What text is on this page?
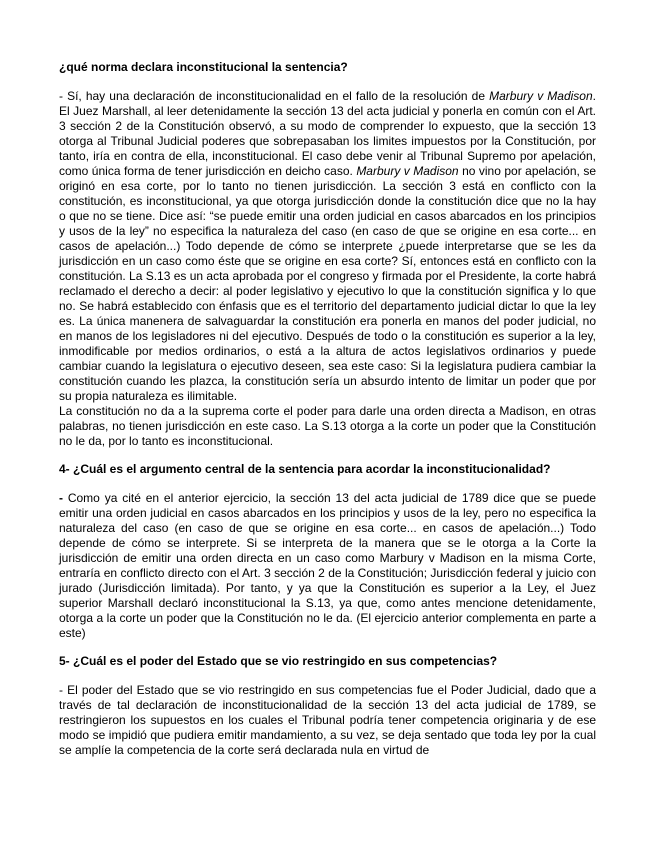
¿qué norma declara inconstitucional la sentencia?

- Sí, hay una declaración de inconstitucionalidad en el fallo de la resolución de Marbury v Madison. El Juez Marshall, al leer detenidamente la sección 13 del acta judicial y ponerla en común con el Art. 3 sección 2 de la Constitución observó, a su modo de comprender lo expuesto, que la sección 13 otorga al Tribunal Judicial poderes que sobrepasaban los limites impuestos por la Constitución, por tanto, iría en contra de ella, inconstitucional. El caso debe venir al Tribunal Supremo por apelación, como única forma de tener jurisdicción en deicho caso. Marbury v Madison no vino por apelación, se originó en esa corte, por lo tanto no tienen jurisdicción. La sección 3 está en conflicto con la constitución, es inconstitucional, ya que otorga jurisdicción donde la constitución dice que no la hay o que no se tiene. Dice así: “se puede emitir una orden judicial en casos abarcados en los principios y usos de la ley” no especifica la naturaleza del caso (en caso de que se origine en esa corte... en casos de apelación...) Todo depende de cómo se interprete ¿puede interpretarse que se les da jurisdicción en un caso como éste que se origine en esa corte? Sí, entonces está en conflicto con la constitución. La S.13 es un acta aprobada por el congreso y firmada por el Presidente, la corte habrá reclamado el derecho a decir: al poder legislativo y ejecutivo lo que la constitución significa y lo que no. Se habrá establecido con énfasis que es el territorio del departamento judicial dictar lo que la ley es. La única manenera de salvaguardar la constitución era ponerla en manos del poder judicial, no en manos de los legisladores ni del ejecutivo. Después de todo o la constitución es superior a la ley, inmodificable por medios ordinarios, o está a la altura de actos legislativos ordinarios y puede cambiar cuando la legislatura o ejecutivo deseen, sea este caso: Si la legislatura pudiera cambiar la constitución cuando les plazca, la constitución sería un absurdo intento de limitar un poder que por su propia naturaleza es ilimitable.

La constitución no da a la suprema corte el poder para darle una orden directa a Madison, en otras palabras, no tienen jurisdicción en este caso. La S.13 otorga a la corte un poder que la Constitución no le da, por lo tanto es inconstitucional.

4- ¿Cuál es el argumento central de la sentencia para acordar la inconstitucionalidad?

- Como ya cité en el anterior ejercicio, la sección 13 del acta judicial de 1789 dice que se puede emitir una orden judicial en casos abarcados en los principios y usos de la ley, pero no especifica la naturaleza del caso (en caso de que se origine en esa corte... en casos de apelación...) Todo depende de cómo se interprete. Si se interpreta de la manera que se le otorga a la Corte la jurisdicción de emitir una orden directa en un caso como Marbury v Madison en la misma Corte, entraría en conflicto directo con el Art. 3 sección 2 de la Constitución; Jurisdicción federal y juicio con jurado (Jurisdicción limitada). Por tanto, y ya que la Constitución es superior a la Ley, el Juez superior Marshall declaró inconstitucional la S.13, ya que, como antes mencione detenidamente, otorga a la corte un poder que la Constitución no le da. (El ejercicio anterior complementa en parte a este)

5- ¿Cuál es el poder del Estado que se vio restringido en sus competencias?

- El poder del Estado que se vio restringido en sus competencias fue el Poder Judicial, dado que a través de tal declaración de inconstitucionalidad de la sección 13 del acta judicial de 1789, se restringieron los supuestos en los cuales el Tribunal podría tener competencia originaria y de ese modo se impidió que pudiera emitir mandamiento, a su vez, se deja sentado que toda ley por la cual se amplíe la competencia de la corte será declarada nula en virtud de
